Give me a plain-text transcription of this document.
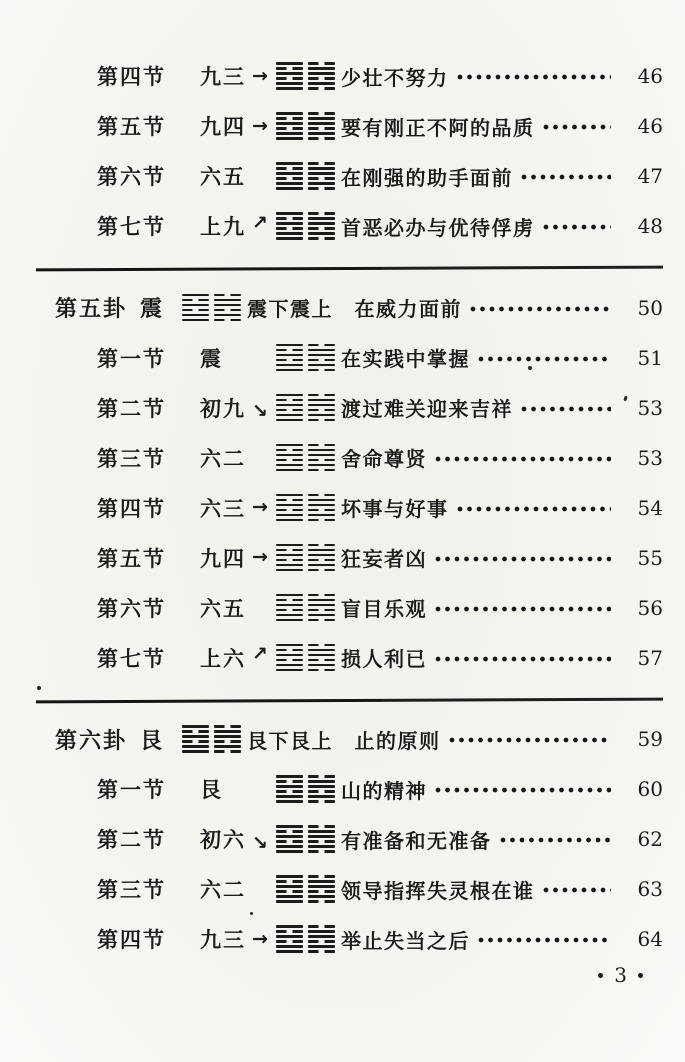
第四节	九三 →	少壮不努力	46
第五节	九四 →	要有刚正不阿的品质	46
第六节	六五	在刚强的助手面前	47
第七节	上九 ↗	首恶必办与优待俘虏	48
第五卦 震	震下震上　在威力面前	50
第一节	震	在实践中掌握	51
第二节	初九 ↘	渡过难关迎来吉祥	53
第三节	六二	舍命尊贤	53
第四节	六三 →	坏事与好事	54
第五节	九四 →	狂妄者凶	55
第六节	六五	盲目乐观	56
第七节	上六 ↗	损人利已	57
第六卦 艮	艮下艮上　止的原则	59
第一节	艮	山的精神	60
第二节	初六 ↘	有准备和无准备	62
第三节	六二	领导指挥失灵根在谁	63
第四节	九三 →	举止失当之后	64
3
